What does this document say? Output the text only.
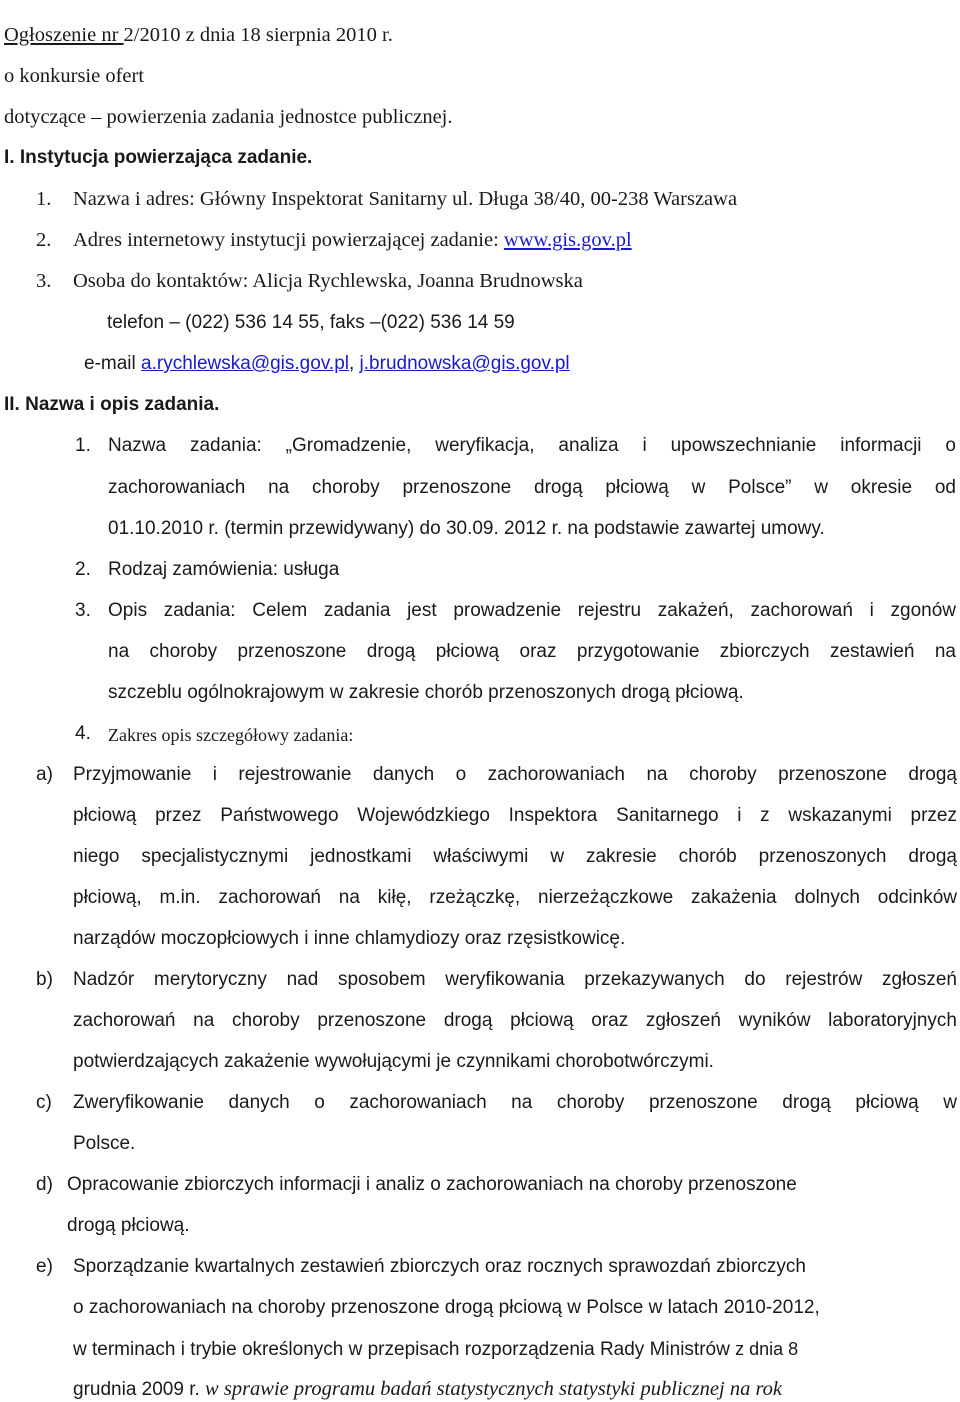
Ogłoszenie nr 2/2010 z dnia 18 sierpnia 2010 r.
o konkursie ofert
dotyczące – powierzenia zadania jednostce publicznej.
I. Instytucja powierzająca zadanie.
1. Nazwa i adres: Główny Inspektorat Sanitarny ul. Długa 38/40, 00-238 Warszawa
2. Adres internetowy instytucji powierzającej zadanie: www.gis.gov.pl
3. Osoba do kontaktów: Alicja Rychlewska, Joanna Brudnowska
telefon – (022) 536 14 55, faks –(022) 536 14 59
e-mail a.rychlewska@gis.gov.pl, j.brudnowska@gis.gov.pl
II. Nazwa i opis zadania.
1. Nazwa zadania: „Gromadzenie, weryfikacja, analiza i upowszechnianie informacji o
zachorowaniach na choroby przenoszone drogą płciową w Polsce” w okresie od
01.10.2010 r. (termin przewidywany) do 30.09. 2012 r. na podstawie zawartej umowy.
2. Rodzaj zamówienia: usługa
3. Opis zadania: Celem zadania jest prowadzenie rejestru zakażeń, zachorowań i zgonów
na choroby przenoszone drogą płciową oraz przygotowanie zbiorczych zestawień na
szczeblu ogólnokrajowym w zakresie chorób przenoszonych drogą płciową.
4. Zakres opis szczegółowy zadania:
a) Przyjmowanie i rejestrowanie danych o zachorowaniach na choroby przenoszone drogą
płciową przez Państwowego Wojewódzkiego Inspektora Sanitarnego i z wskazanymi przez
niego specjalistycznymi jednostkami właściwymi w zakresie chorób przenoszonych drogą
płciową, m.in. zachorowań na kiłę, rzeżączkę, nierzeżączkowe zakażenia dolnych odcinków
narządów moczopłciowych i inne chlamydiozy oraz rzęsistkowicę.
b) Nadzór merytoryczny nad sposobem weryfikowania przekazywanych do rejestrów zgłoszeń
zachorowań na choroby przenoszone drogą płciową oraz zgłoszeń wyników laboratoryjnych
potwierdzających zakażenie wywołującymi je czynnikami chorobotwórczymi.
c) Zweryfikowanie danych o zachorowaniach na choroby przenoszone drogą płciową w
Polsce.
d) Opracowanie zbiorczych informacji i analiz o zachorowaniach na choroby przenoszone
drogą płciową.
e) Sporządzanie kwartalnych zestawień zbiorczych oraz rocznych sprawozdań zbiorczych
o zachorowaniach na choroby przenoszone drogą płciową w Polsce w latach 2010-2012,
w terminach i trybie określonych w przepisach rozporządzenia Rady Ministrów z dnia 8
grudnia 2009 r. w sprawie programu badań statystycznych statystyki publicznej na rok
